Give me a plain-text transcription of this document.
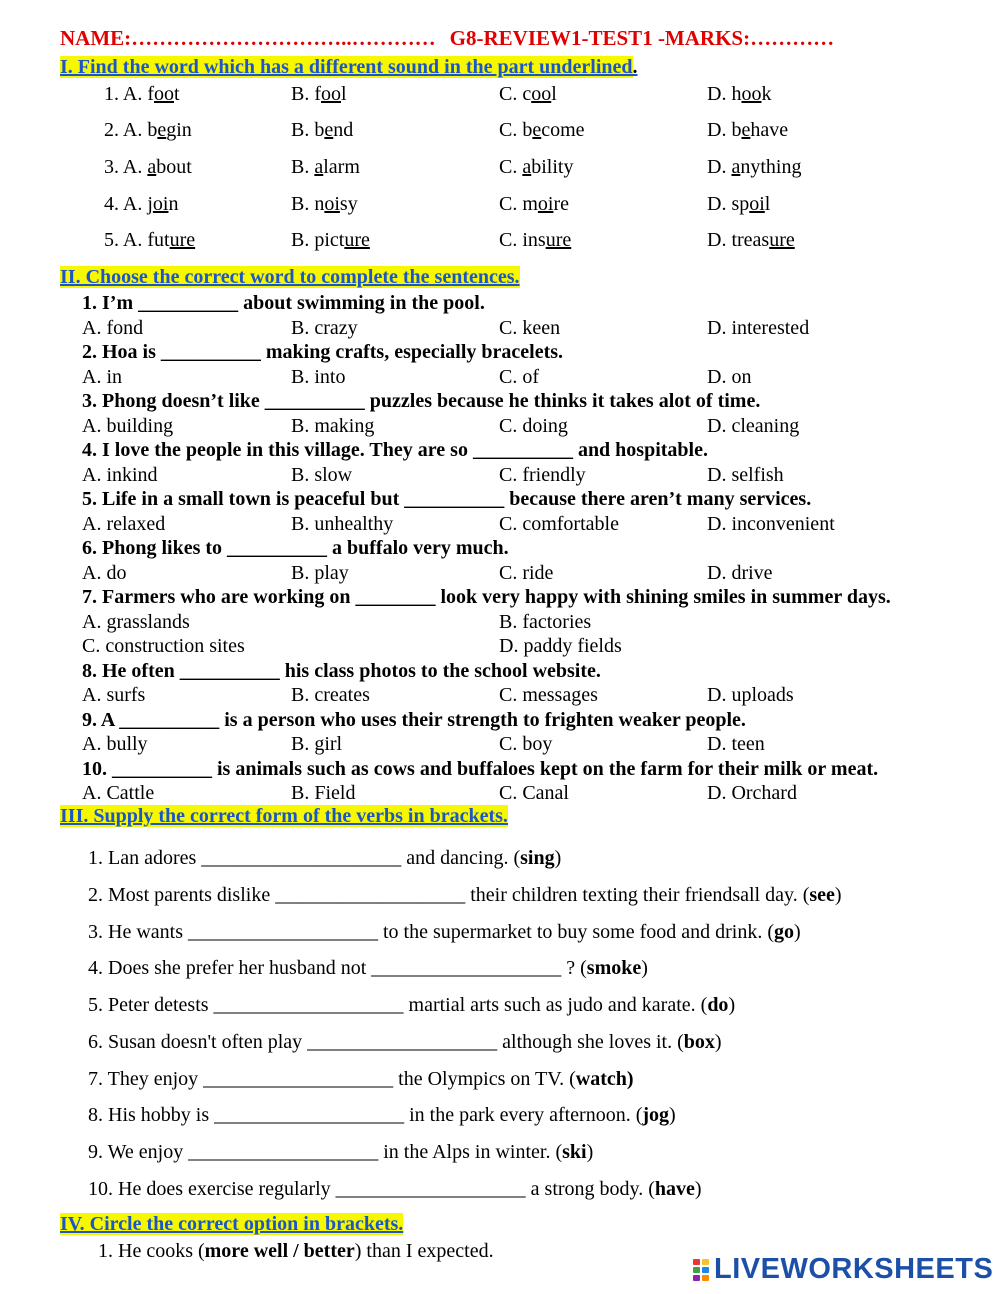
NAME:…………………………..………… G8-REVIEW1-TEST1 -MARKS:…………
I. Find the word which has a different sound in the part underlined.
1. A. foot	B. fool	C. cool	D. hook
2. A. begin	B. bend	C. become	D. behave
3. A. about	B. alarm	C. ability	D. anything
4. A. join	B. noisy	C. moire	D. spoil
5. A. future	B. picture	C. insure	D. treasure
II. Choose the correct word to complete the sentences.
1. I’m __________ about swimming in the pool.
A. fond	B. crazy	C. keen	D. interested
2. Hoa is __________ making crafts, especially bracelets.
A. in	B. into	C. of	D. on
3. Phong doesn’t like __________ puzzles because he thinks it takes alot of time.
A. building	B. making	C. doing	D. cleaning
4. I love the people in this village. They are so __________ and hospitable.
A. inkind	B. slow	C. friendly	D. selfish
5. Life in a small town is peaceful but __________ because there aren’t many services.
A. relaxed	B. unhealthy	C. comfortable	D. inconvenient
6. Phong likes to __________ a buffalo very much.
A. do	B. play	C. ride	D. drive
7. Farmers who are working on ________ look very happy with shining smiles in summer days.
A. grasslands	B. factories
C. construction sites	D. paddy fields
8. He often __________ his class photos to the school website.
A. surfs	B. creates	C. messages	D. uploads
9. A __________ is a person who uses their strength to frighten weaker people.
A. bully	B. girl	C. boy	D. teen
10. __________ is animals such as cows and buffaloes kept on the farm for their milk or meat.
A. Cattle	B. Field	C. Canal	D. Orchard
III. Supply the correct form of the verbs in brackets.
1. Lan adores ____________________ and dancing. (sing)
2. Most parents dislike ___________________ their children texting their friendsall day. (see)
3. He wants ___________________ to the supermarket to buy some food and drink. (go)
4. Does she prefer her husband not ___________________ ? (smoke)
5. Peter detests ___________________ martial arts such as judo and karate. (do)
6. Susan doesn't often play ___________________ although she loves it. (box)
7. They enjoy ___________________ the Olympics on TV. (watch)
8. His hobby is ___________________ in the park every afternoon. (jog)
9. We enjoy ___________________ in the Alps in winter. (ski)
10. He does exercise regularly ___________________ a strong body. (have)
IV. Circle the correct option in brackets.
1. He cooks (more well / better) than I expected.
LIVEWORKSHEETS
